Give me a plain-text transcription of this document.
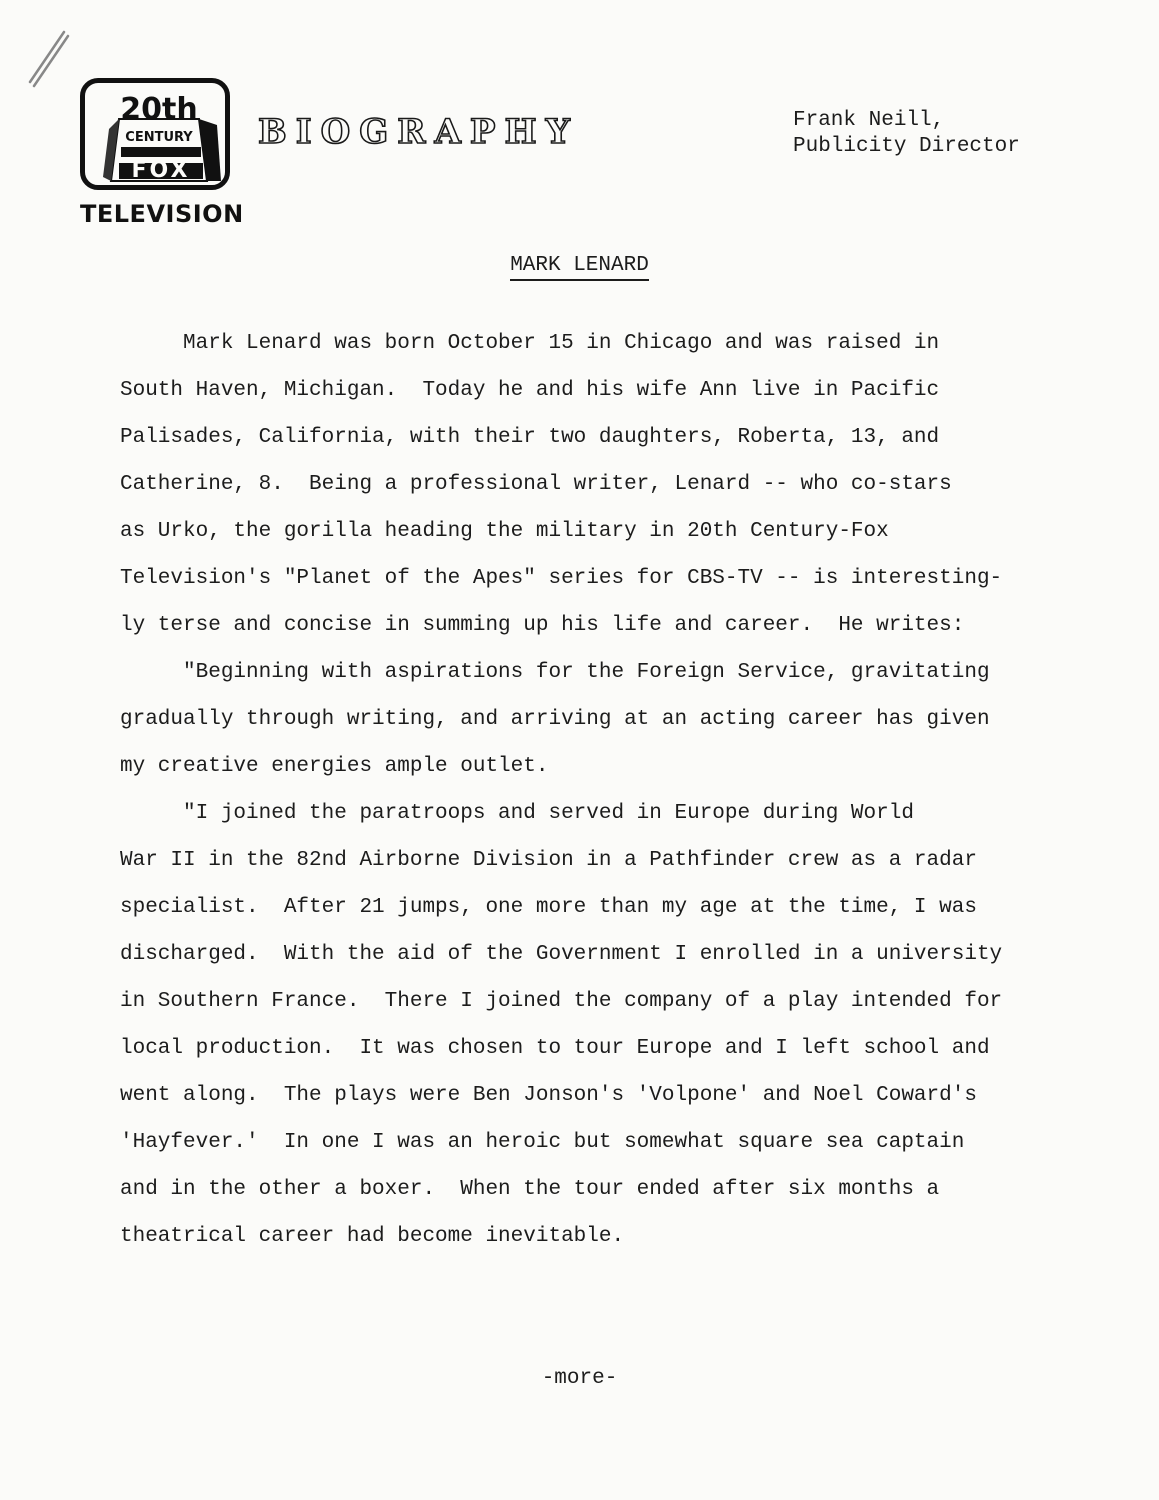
20th
CENTURY
FOX
TELEVISION
BIOGRAPHY	Frank Neill,
Publicity Director
MARK LENARD
Mark Lenard was born October 15 in Chicago and was raised in
South Haven, Michigan.  Today he and his wife Ann live in Pacific
Palisades, California, with their two daughters, Roberta, 13, and
Catherine, 8.  Being a professional writer, Lenard -- who co-stars
as Urko, the gorilla heading the military in 20th Century-Fox
Television's "Planet of the Apes" series for CBS-TV -- is interesting-
ly terse and concise in summing up his life and career.  He writes:
"Beginning with aspirations for the Foreign Service, gravitating
gradually through writing, and arriving at an acting career has given
my creative energies ample outlet.
"I joined the paratroops and served in Europe during World
War II in the 82nd Airborne Division in a Pathfinder crew as a radar
specialist.  After 21 jumps, one more than my age at the time, I was
discharged.  With the aid of the Government I enrolled in a university
in Southern France.  There I joined the company of a play intended for
local production.  It was chosen to tour Europe and I left school and
went along.  The plays were Ben Jonson's 'Volpone' and Noel Coward's
'Hayfever.'  In one I was an heroic but somewhat square sea captain
and in the other a boxer.  When the tour ended after six months a
theatrical career had become inevitable.
-more-
